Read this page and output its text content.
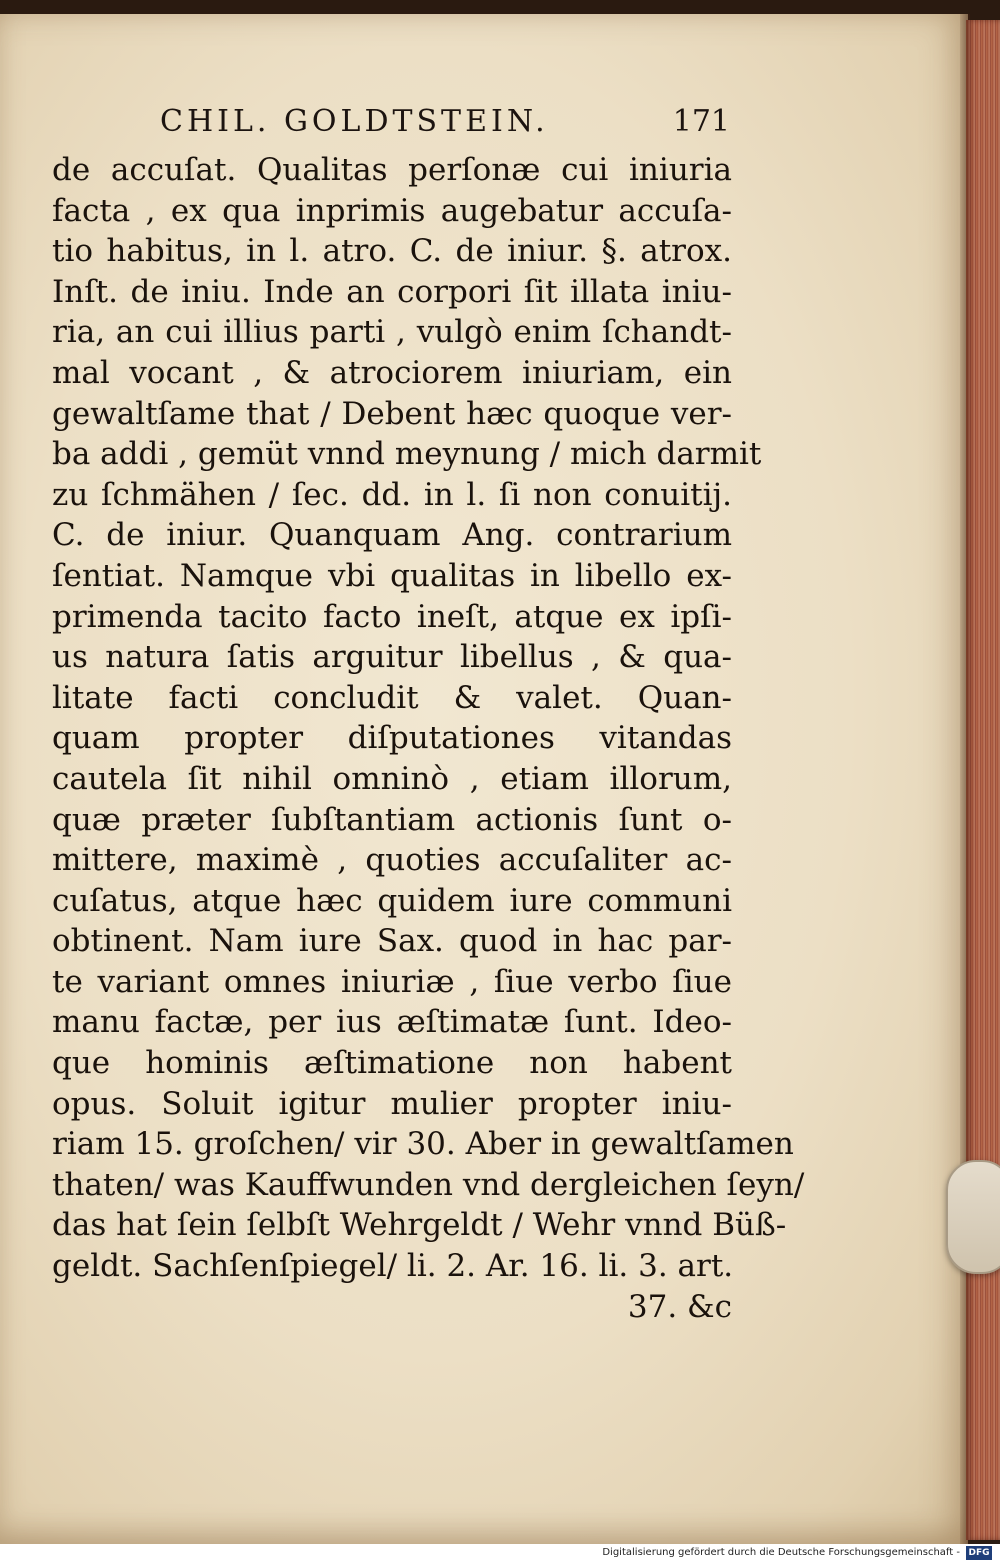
CHIL. GOLDTSTEIN.	171
de accuſat. Qualitas perſonæ cui iniuria
facta , ex qua inprimis augebatur accuſa-
tio habitus, in l. atro. C. de iniur. §. atrox.
Inſt. de iniu. Inde an corpori ſit illata iniu-
ria, an cui illius parti , vulgò enim ſchandt-
mal vocant , & atrociorem iniuriam, ein
gewaltſame that / Debent hæc quoque ver-
ba addi , gemüt vnnd meynung / mich darmit
zu ſchmähen / ſec. dd. in l. ſi non conuitij.
C. de iniur. Quanquam Ang. contrarium
ſentiat. Namque vbi qualitas in libello ex-
primenda tacito facto ineſt, atque ex ipſi-
us natura ſatis arguitur libellus , & qua-
litate facti concludit & valet. Quan-
quam propter diſputationes vitandas
cautela ſit nihil omninò , etiam illorum,
quæ præter ſubſtantiam actionis ſunt o-
mittere, maximè , quoties accuſaliter ac-
cuſatus, atque hæc quidem iure communi
obtinent. Nam iure Sax. quod in hac par-
te variant omnes iniuriæ , ſiue verbo ſiue
manu factæ, per ius æſtimatæ ſunt. Ideo-
que hominis æſtimatione non habent
opus. Soluit igitur mulier propter iniu-
riam 15. groſchen/ vir 30. Aber in gewaltſamen
thaten/ was Kauffwunden vnd dergleichen ſeyn/
das hat ſein ſelbſt Wehrgeldt / Wehr vnnd Büß-
geldt. Sachſenſpiegel/ li. 2. Ar. 16. li. 3. art.
37. &c
Digitalisierung gefördert durch die Deutsche Forschungsgemeinschaft - DFG
